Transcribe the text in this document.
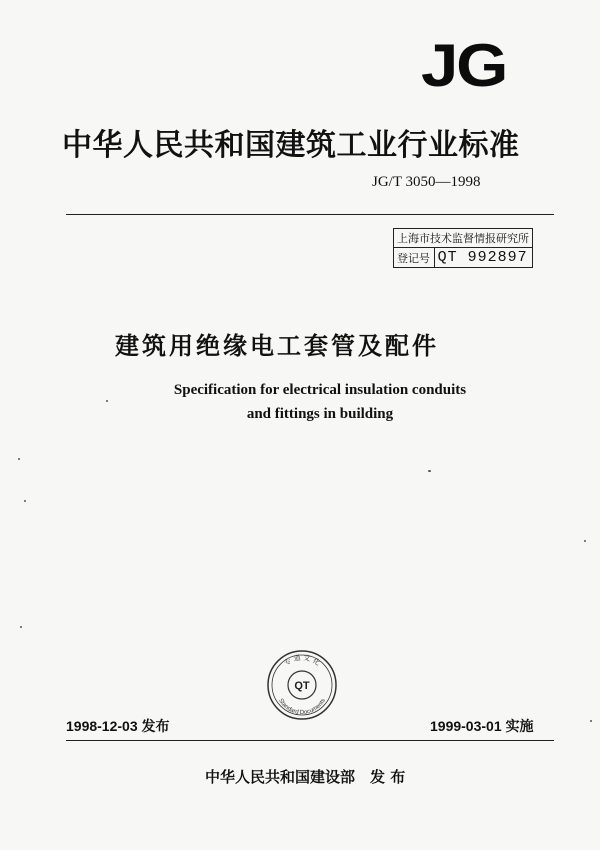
JG
中华人民共和国建筑工业行业标准
JG/T 3050—1998
上海市技术监督情报研究所
登记号	QT 992897
建筑用绝缘电工套管及配件
Specification for electrical insulation conduits
and fittings in building
专 道 文 化
Standard Documents
QT
1998-12-03 发布	1999-03-01 实施
中华人民共和国建设部　发 布
